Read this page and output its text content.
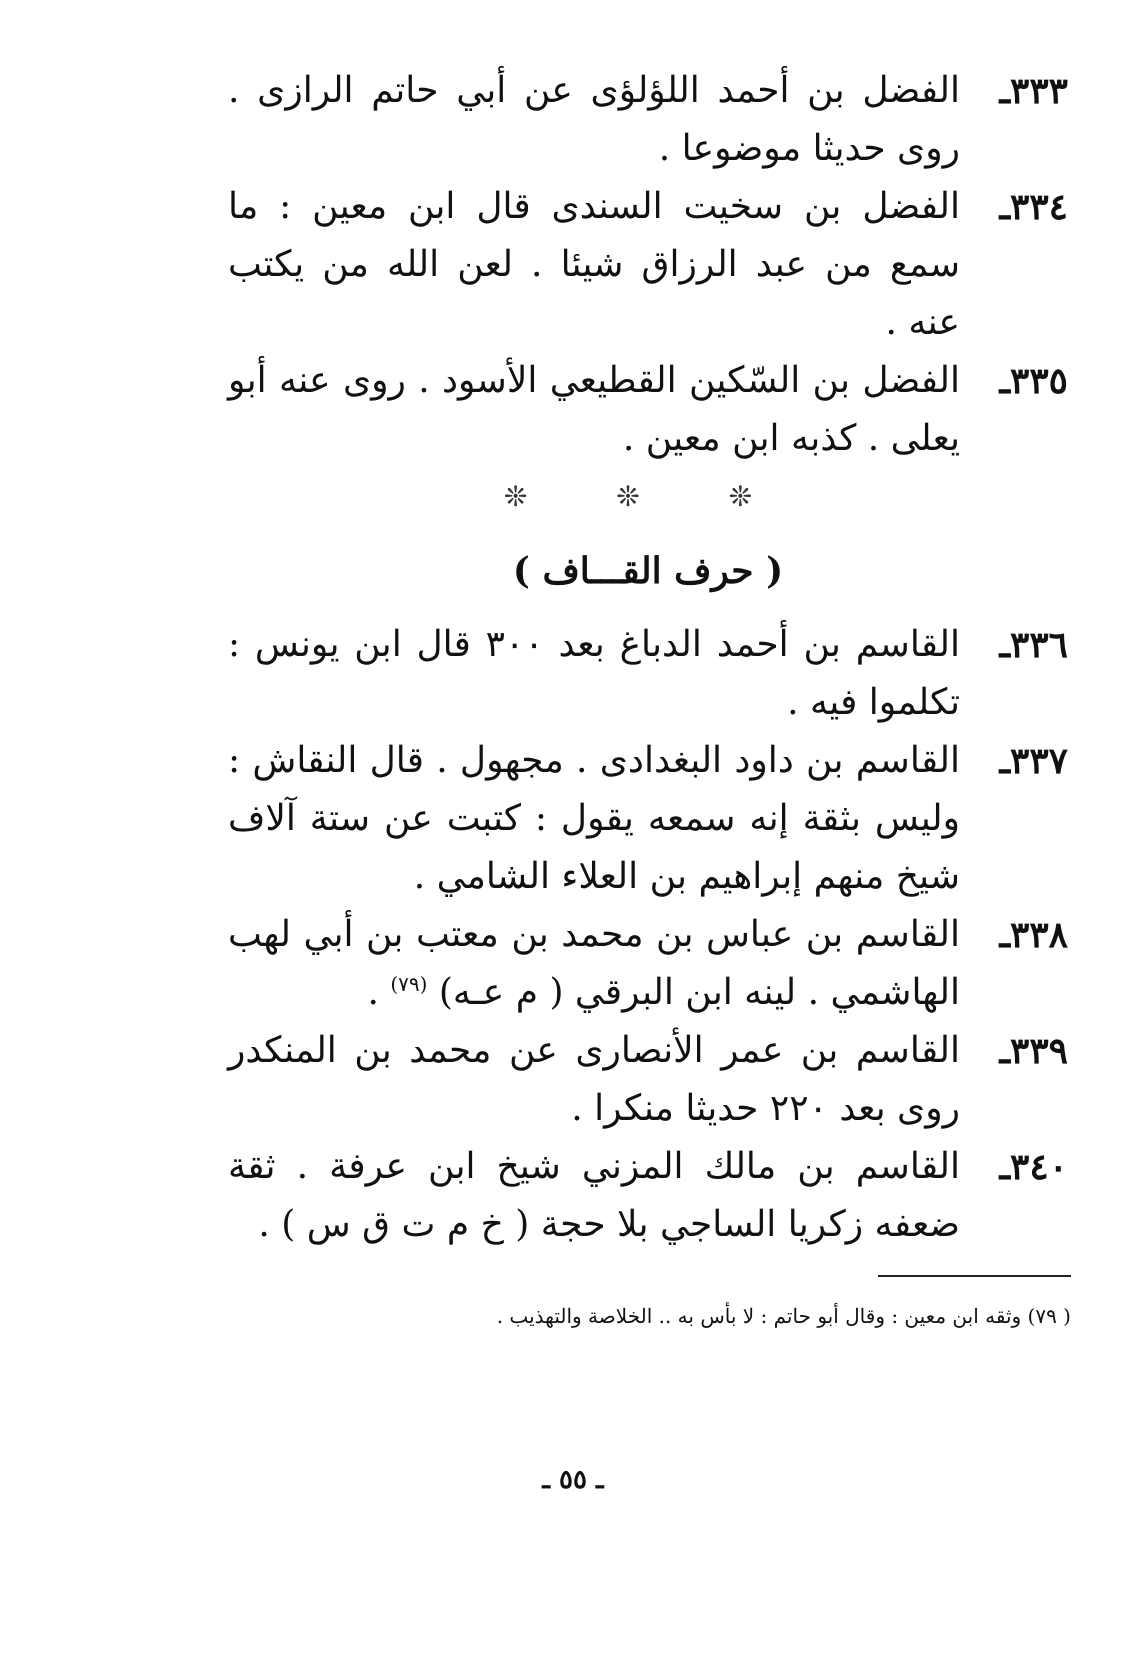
٣٣٣ـ
الفضل بن أحمد اللؤلؤى عن أبي حاتم الرازى . روى حديثا موضوعا .
٣٣٤ـ
الفضل بن سخيت السندى قال ابن معين : ما سمع من عبد الرزاق شيئا . لعن الله من يكتب عنه .
٣٣٥ـ
الفضل بن السّكين القطيعي الأسود . روى عنه أبو يعلى . كذبه ابن معين .
❊ ❊ ❊
( حرف القـــاف )
٣٣٦ـ
القاسم بن أحمد الدباغ بعد ٣٠٠ قال ابن يونس : تكلموا فيه .
٣٣٧ـ
القاسم بن داود البغدادى . مجهول . قال النقاش : وليس بثقة إنه سمعه يقول : كتبت عن ستة آلاف شيخ منهم إبراهيم بن العلاء الشامي .
٣٣٨ـ
القاسم بن عباس بن محمد بن معتب بن أبي لهب الهاشمي . لينه ابن البرقي ( م عـه) $^{(٧٩)}$ .
٣٣٩ـ
القاسم بن عمر الأنصارى عن محمد بن المنكدر روى بعد ٢٢٠ حديثا منكرا .
٣٤٠ـ
القاسم بن مالك المزني شيخ ابن عرفة . ثقة ضعفه زكريا الساجي بلا حجة ( خ م ت ق س ) .
( ٧٩) وثقه ابن معين : وقال أبو حاتم : لا بأس به .. الخلاصة والتهذيب .
ـ ٥٥ ـ
